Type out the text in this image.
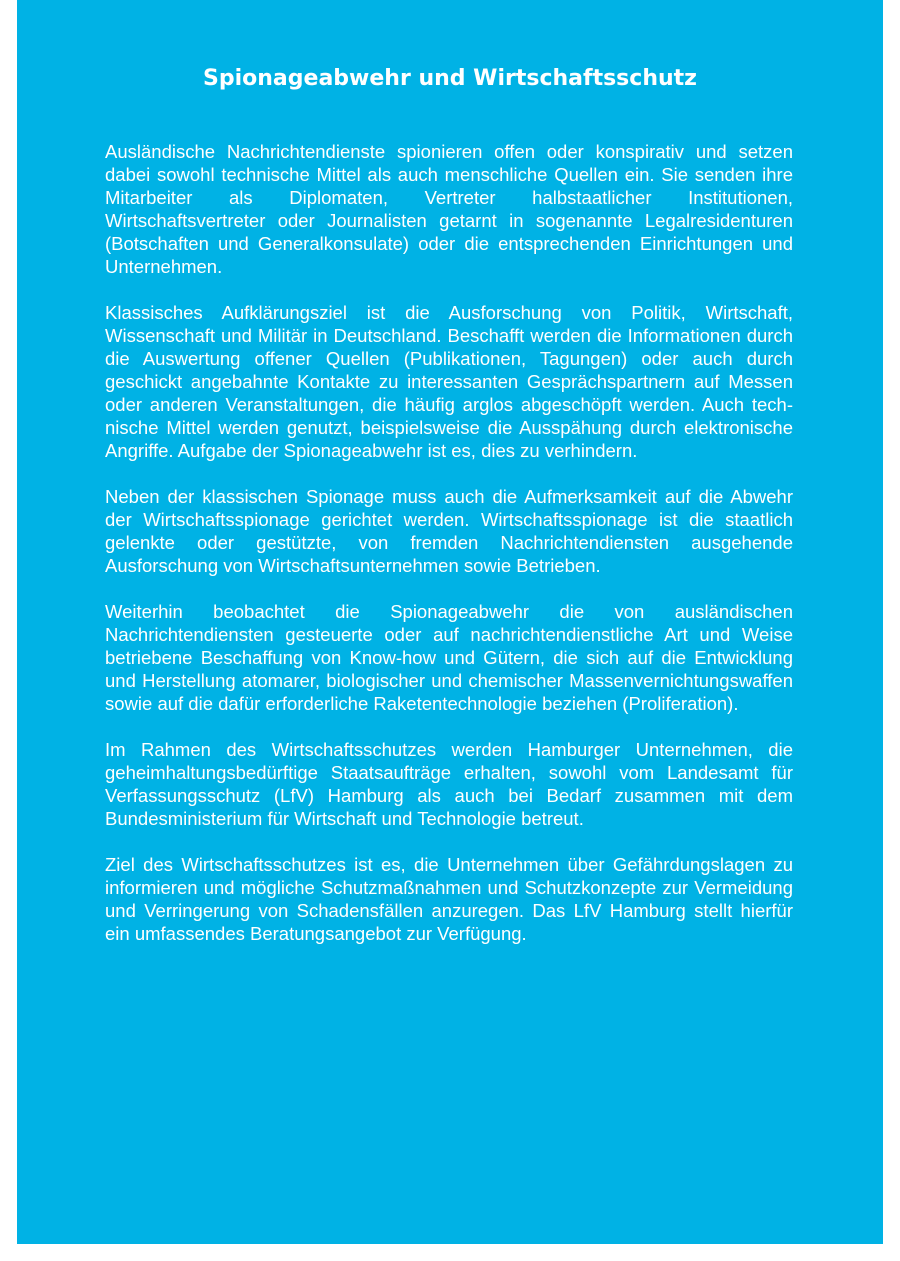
Spionageabwehr und Wirtschaftsschutz

Ausländische Nachrichtendienste spionieren offen oder konspirativ und setzen dabei sowohl technische Mittel als auch menschliche Quellen ein. Sie senden ihre Mitarbeiter als Diplomaten, Vertreter halbstaatlicher Institutionen, Wirtschaftsvertreter oder Journalisten getarnt in sogenannte Legalresidenturen (Botschaften und Generalkonsulate) oder die entsprechenden Einrichtungen und Unternehmen.

Klassisches Aufklärungsziel ist die Ausforschung von Politik, Wirtschaft, Wissenschaft und Militär in Deutschland. Beschafft werden die Informationen durch die Auswertung offener Quellen (Publikationen, Tagungen) oder auch durch geschickt angebahnte Kontakte zu interessanten Gesprächspartnern auf Messen oder anderen Veranstaltungen, die häufig arglos abgeschöpft werden. Auch technische Mittel werden genutzt, beispielsweise die Ausspähung durch elektronische Angriffe. Aufgabe der Spionageabwehr ist es, dies zu verhindern.

Neben der klassischen Spionage muss auch die Aufmerksamkeit auf die Abwehr der Wirtschaftsspionage gerichtet werden. Wirtschaftsspionage ist die staatlich gelenkte oder gestützte, von fremden Nachrichtendiensten ausgehende Ausforschung von Wirtschaftsunternehmen sowie Betrieben.

Weiterhin beobachtet die Spionageabwehr die von ausländischen Nachrichtendiensten gesteuerte oder auf nachrichtendienstliche Art und Weise betriebene Beschaffung von Know-how und Gütern, die sich auf die Entwicklung und Herstellung atomarer, biologischer und chemischer Massenvernichtungswaffen sowie auf die dafür erforderliche Raketentechnologie beziehen (Proliferation).

Im Rahmen des Wirtschaftsschutzes werden Hamburger Unternehmen, die geheimhaltungsbedürftige Staatsaufträge erhalten, sowohl vom Landesamt für Verfassungsschutz (LfV) Hamburg als auch bei Bedarf zusammen mit dem Bundesministerium für Wirtschaft und Technologie betreut.

Ziel des Wirtschaftsschutzes ist es, die Unternehmen über Gefährdungslagen zu informieren und mögliche Schutzmaßnahmen und Schutzkonzepte zur Vermeidung und Verringerung von Schadensfällen anzuregen. Das LfV Hamburg stellt hierfür ein umfassendes Beratungsangebot zur Verfügung.
